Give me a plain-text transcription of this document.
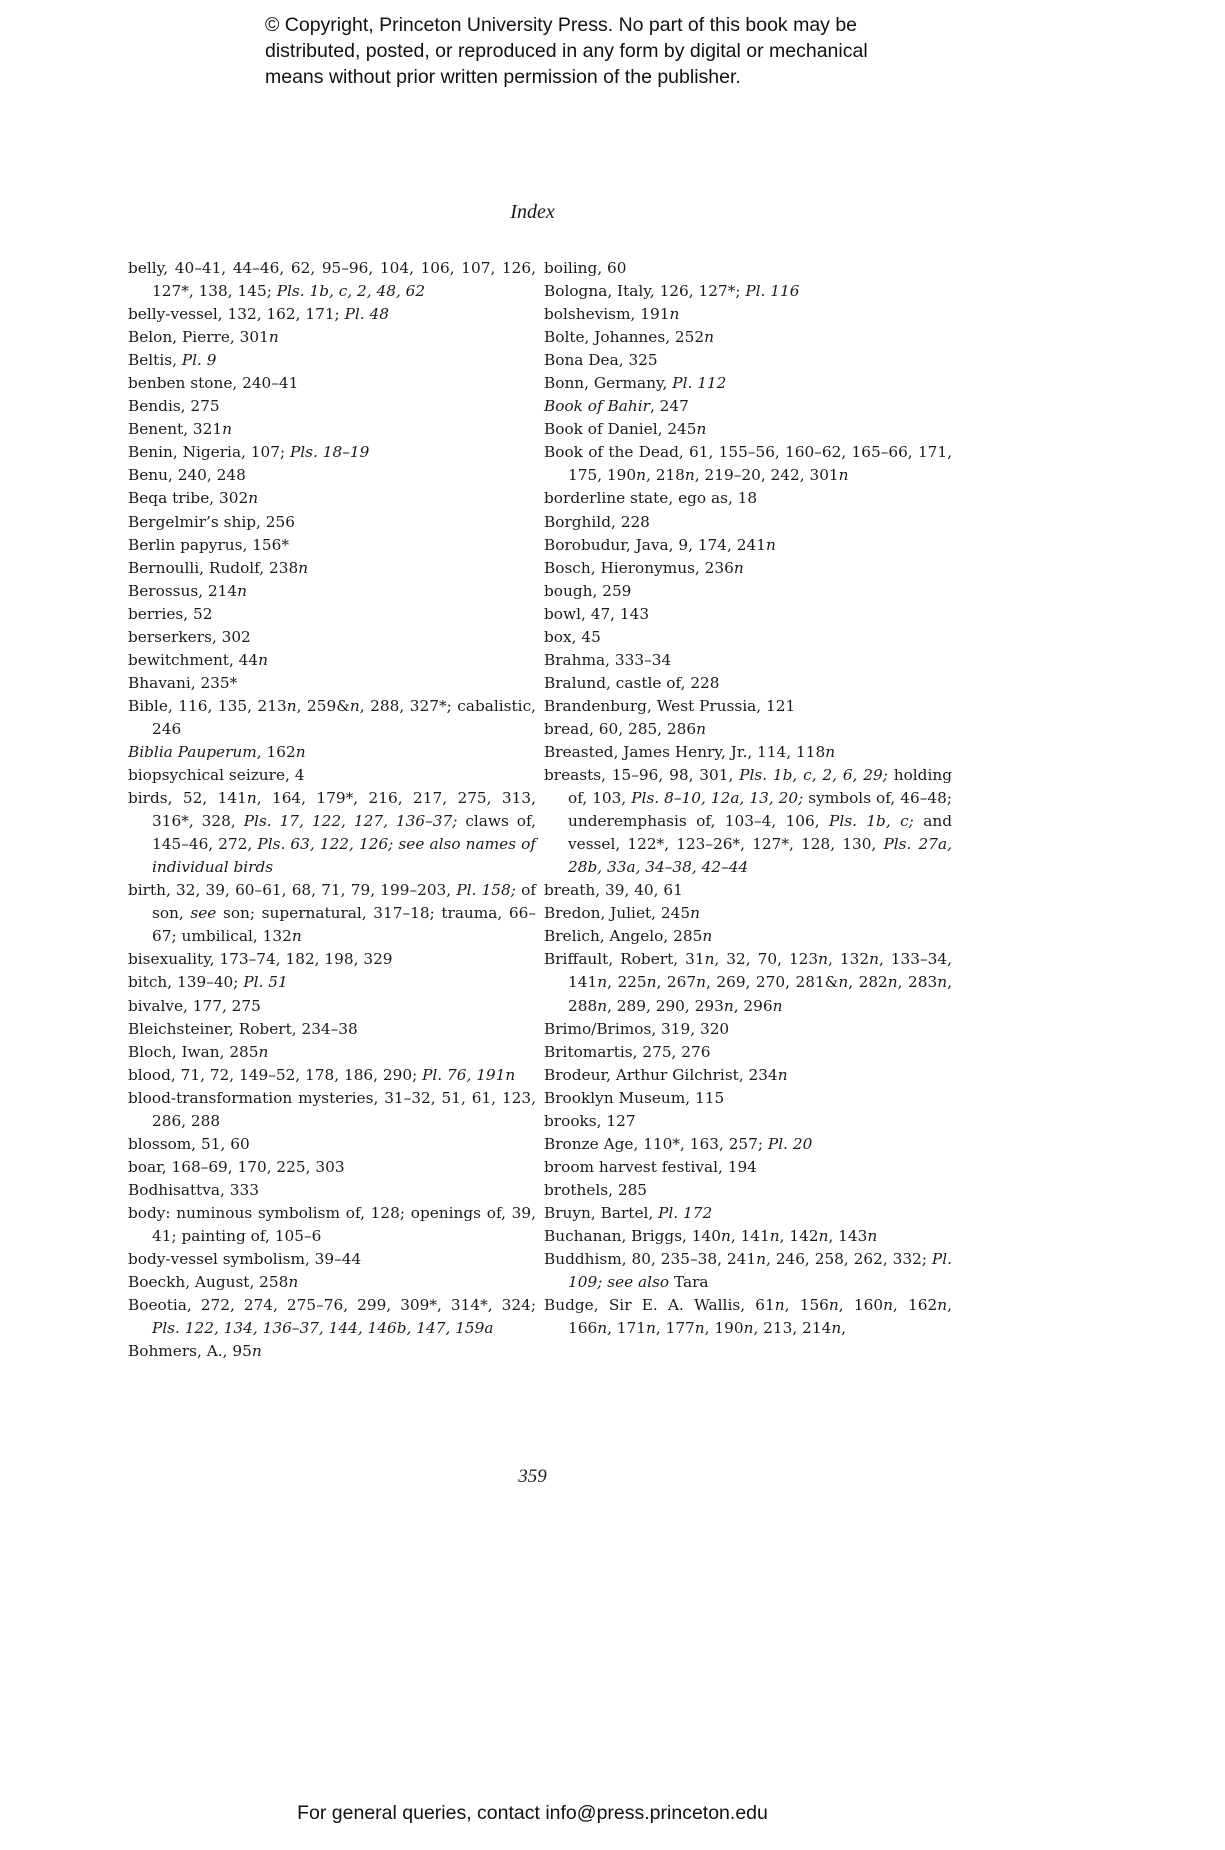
© Copyright, Princeton University Press. No part of this book may be
distributed, posted, or reproduced in any form by digital or mechanical
means without prior written permission of the publisher.
Index
belly, 40–41, 44–46, 62, 95–96, 104, 106, 107, 126, 127*, 138, 145; Pls. 1b, c, 2, 48, 62
belly-vessel, 132, 162, 171; Pl. 48
Belon, Pierre, 301n
Beltis, Pl. 9
benben stone, 240–41
Bendis, 275
Benent, 321n
Benin, Nigeria, 107; Pls. 18–19
Benu, 240, 248
Beqa tribe, 302n
Bergelmir’s ship, 256
Berlin papyrus, 156*
Bernoulli, Rudolf, 238n
Berossus, 214n
berries, 52
berserkers, 302
bewitchment, 44n
Bhavani, 235*
Bible, 116, 135, 213n, 259&n, 288, 327*; cabalistic, 246
Biblia Pauperum, 162n
biopsychical seizure, 4
birds, 52, 141n, 164, 179*, 216, 217, 275, 313, 316*, 328, Pls. 17, 122, 127, 136–37; claws of, 145–46, 272, Pls. 63, 122, 126; see also names of individual birds
birth, 32, 39, 60–61, 68, 71, 79, 199–203, Pl. 158; of son, see son; supernatural, 317–18; trauma, 66–67; umbilical, 132n
bisexuality, 173–74, 182, 198, 329
bitch, 139–40; Pl. 51
bivalve, 177, 275
Bleichsteiner, Robert, 234–38
Bloch, Iwan, 285n
blood, 71, 72, 149–52, 178, 186, 290; Pl. 76, 191n
blood-transformation mysteries, 31–32, 51, 61, 123, 286, 288
blossom, 51, 60
boar, 168–69, 170, 225, 303
Bodhisattva, 333
body: numinous symbolism of, 128; openings of, 39, 41; painting of, 105–6
body-vessel symbolism, 39–44
Boeckh, August, 258n
Boeotia, 272, 274, 275–76, 299, 309*, 314*, 324; Pls. 122, 134, 136–37, 144, 146b, 147, 159a
Bohmers, A., 95n
boiling, 60
Bologna, Italy, 126, 127*; Pl. 116
bolshevism, 191n
Bolte, Johannes, 252n
Bona Dea, 325
Bonn, Germany, Pl. 112
Book of Bahir, 247
Book of Daniel, 245n
Book of the Dead, 61, 155–56, 160–62, 165–66, 171, 175, 190n, 218n, 219–20, 242, 301n
borderline state, ego as, 18
Borghild, 228
Borobudur, Java, 9, 174, 241n
Bosch, Hieronymus, 236n
bough, 259
bowl, 47, 143
box, 45
Brahma, 333–34
Bralund, castle of, 228
Brandenburg, West Prussia, 121
bread, 60, 285, 286n
Breasted, James Henry, Jr., 114, 118n
breasts, 15–96, 98, 301, Pls. 1b, c, 2, 6, 29; holding of, 103, Pls. 8–10, 12a, 13, 20; symbols of, 46–48; underemphasis of, 103–4, 106, Pls. 1b, c; and vessel, 122*, 123–26*, 127*, 128, 130, Pls. 27a, 28b, 33a, 34–38, 42–44
breath, 39, 40, 61
Bredon, Juliet, 245n
Brelich, Angelo, 285n
Briffault, Robert, 31n, 32, 70, 123n, 132n, 133–34, 141n, 225n, 267n, 269, 270, 281&n, 282n, 283n, 288n, 289, 290, 293n, 296n
Brimo/Brimos, 319, 320
Britomartis, 275, 276
Brodeur, Arthur Gilchrist, 234n
Brooklyn Museum, 115
brooks, 127
Bronze Age, 110*, 163, 257; Pl. 20
broom harvest festival, 194
brothels, 285
Bruyn, Bartel, Pl. 172
Buchanan, Briggs, 140n, 141n, 142n, 143n
Buddhism, 80, 235–38, 241n, 246, 258, 262, 332; Pl. 109; see also Tara
Budge, Sir E. A. Wallis, 61n, 156n, 160n, 162n, 166n, 171n, 177n, 190n, 213, 214n,
359
For general queries, contact info@press.princeton.edu
